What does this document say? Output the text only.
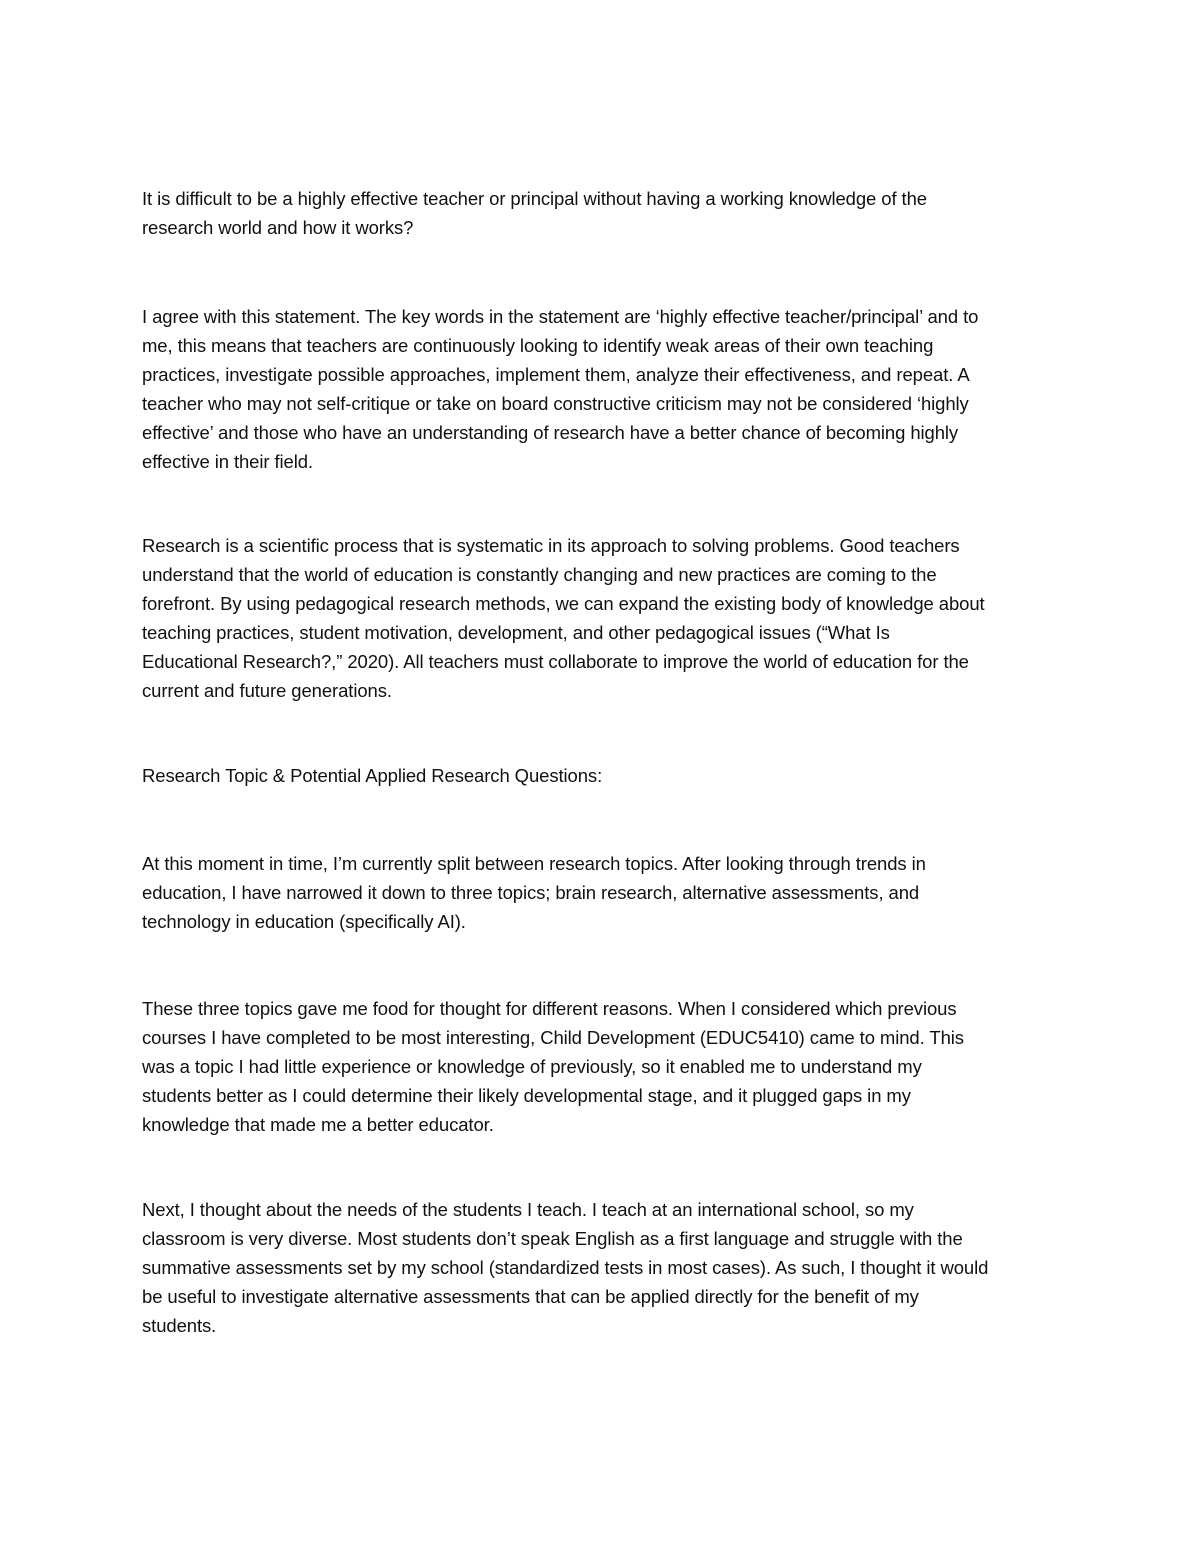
It is difficult to be a highly effective teacher or principal without having a working knowledge of the
research world and how it works?

I agree with this statement. The key words in the statement are ‘highly effective teacher/principal’ and to
me, this means that teachers are continuously looking to identify weak areas of their own teaching
practices, investigate possible approaches, implement them, analyze their effectiveness, and repeat. A
teacher who may not self-critique or take on board constructive criticism may not be considered ‘highly
effective’ and those who have an understanding of research have a better chance of becoming highly
effective in their field.

Research is a scientific process that is systematic in its approach to solving problems. Good teachers
understand that the world of education is constantly changing and new practices are coming to the
forefront. By using pedagogical research methods, we can expand the existing body of knowledge about
teaching practices, student motivation, development, and other pedagogical issues (“What Is
Educational Research?,” 2020). All teachers must collaborate to improve the world of education for the
current and future generations.

Research Topic & Potential Applied Research Questions:

At this moment in time, I’m currently split between research topics. After looking through trends in
education, I have narrowed it down to three topics; brain research, alternative assessments, and
technology in education (specifically AI).

These three topics gave me food for thought for different reasons. When I considered which previous
courses I have completed to be most interesting, Child Development (EDUC5410) came to mind. This
was a topic I had little experience or knowledge of previously, so it enabled me to understand my
students better as I could determine their likely developmental stage, and it plugged gaps in my
knowledge that made me a better educator.

Next, I thought about the needs of the students I teach. I teach at an international school, so my
classroom is very diverse. Most students don’t speak English as a first language and struggle with the
summative assessments set by my school (standardized tests in most cases). As such, I thought it would
be useful to investigate alternative assessments that can be applied directly for the benefit of my
students.
